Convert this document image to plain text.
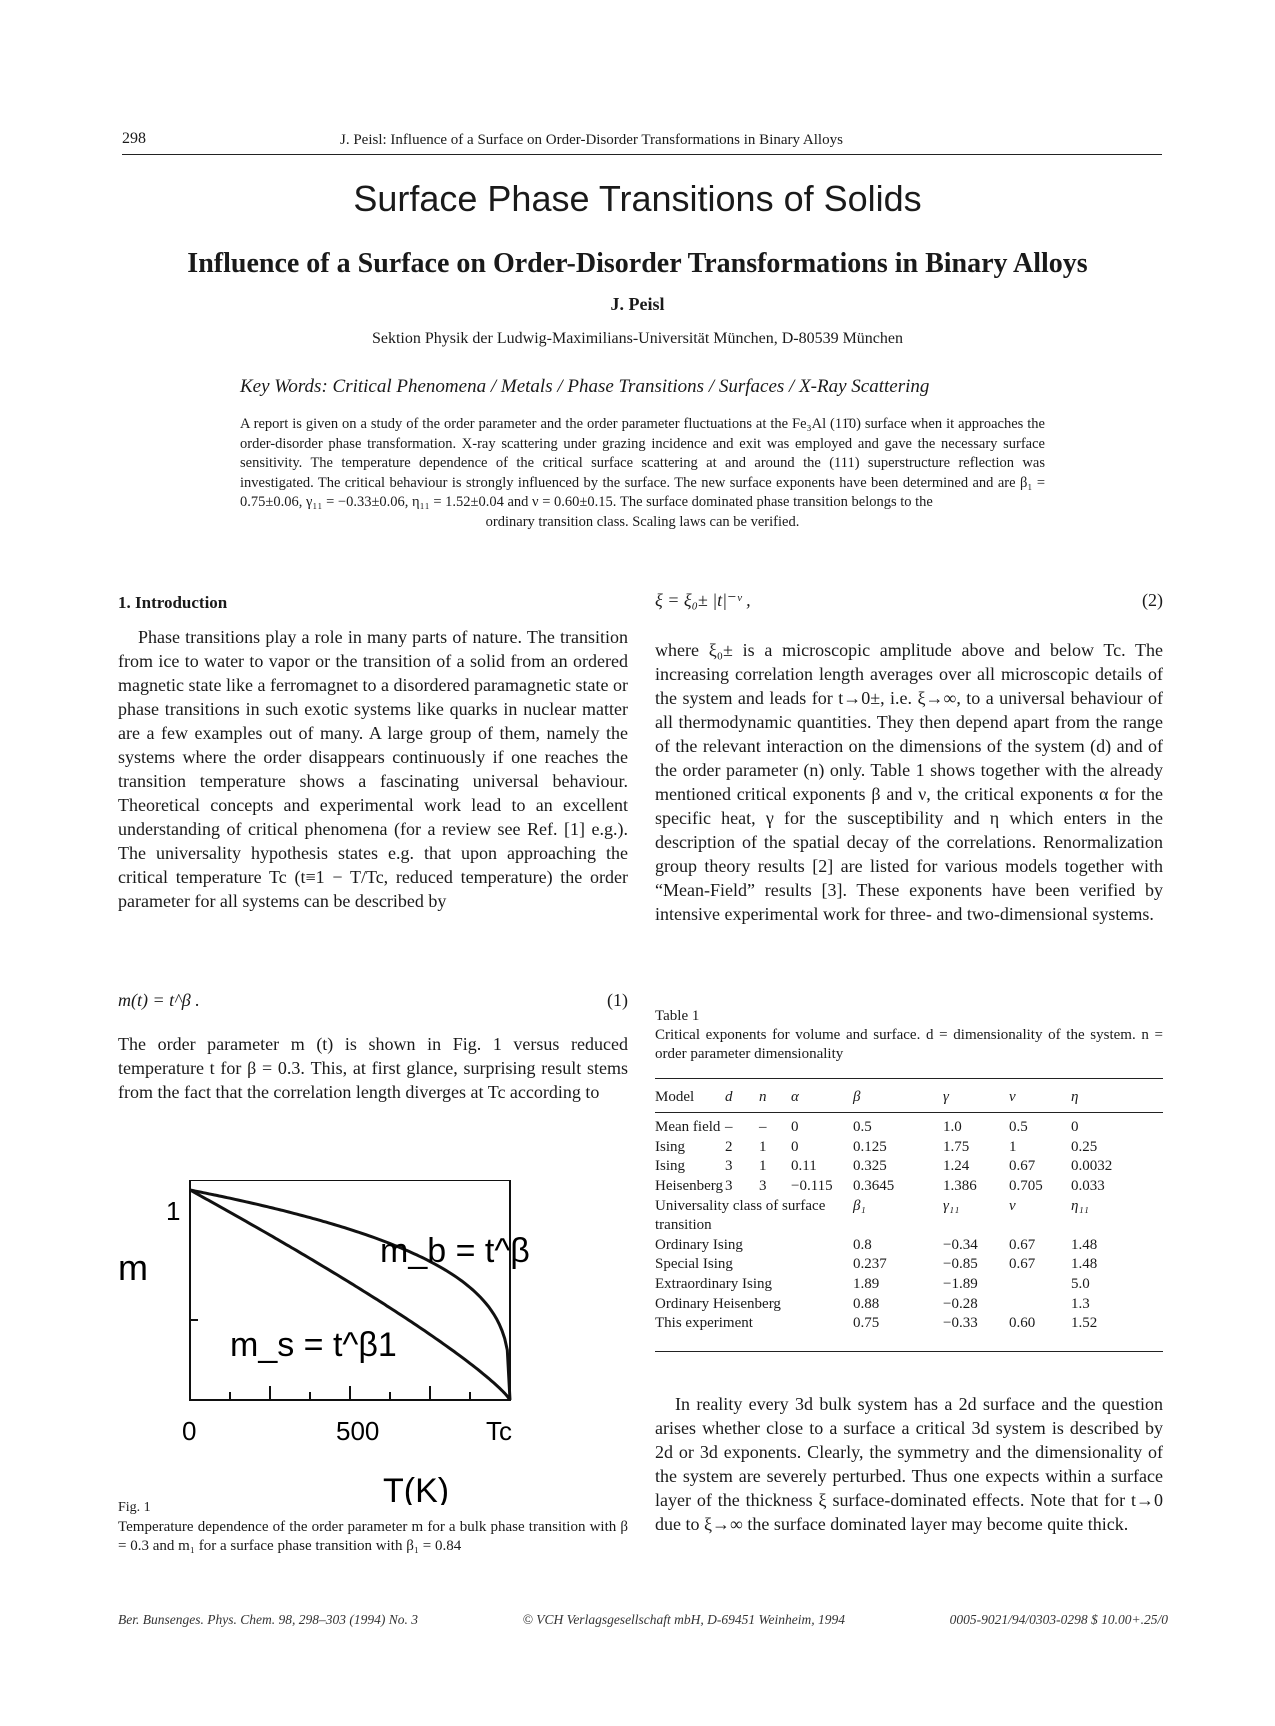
298	J. Peisl: Influence of a Surface on Order-Disorder Transformations in Binary Alloys
Surface Phase Transitions of Solids
Influence of a Surface on Order-Disorder Transformations in Binary Alloys
J. Peisl
Sektion Physik der Ludwig-Maximilians-Universität München, D-80539 München
Key Words: Critical Phenomena / Metals / Phase Transitions / Surfaces / X-Ray Scattering
A report is given on a study of the order parameter and the order parameter fluctuations at the Fe₃Al (11̄0) surface when it approaches the order-disorder phase transformation. X-ray scattering under grazing incidence and exit was employed and gave the necessary surface sensitivity. The temperature dependence of the critical surface scattering at and around the (111) superstructure reflection was investigated. The critical behaviour is strongly influenced by the surface. The new surface exponents have been determined and are β₁ = 0.75±0.06, γ₁₁ = −0.33±0.06, η₁₁ = 1.52±0.04 and ν = 0.60±0.15. The surface dominated phase transition belongs to the
ordinary transition class. Scaling laws can be verified.
1. Introduction
Phase transitions play a role in many parts of nature. The transition from ice to water to vapor or the transition of a solid from an ordered magnetic state like a ferromagnet to a disordered paramagnetic state or phase transitions in such exotic systems like quarks in nuclear matter are a few examples out of many. A large group of them, namely the systems where the order disappears continuously if one reaches the transition temperature shows a fascinating universal behaviour. Theoretical concepts and experimental work lead to an excellent understanding of critical phenomena (for a review see Ref. [1] e.g.). The universality hypothesis states e.g. that upon approaching the critical temperature Tc (t≡1 − T/Tc, reduced temperature) the order parameter for all systems can be described by
m(t) = t^β .	(1)
The order parameter m (t) is shown in Fig. 1 versus reduced temperature t for β = 0.3. This, at first glance, surprising result stems from the fact that the correlation length diverges at Tc according to
1
m
0	500	Tc
T(K)
m_b = t^β
m_s = t^β1
Fig. 1
Temperature dependence of the order parameter m for a bulk phase transition with β = 0.3 and m₁ for a surface phase transition with β₁ = 0.84
ξ = ξ₀± |t|⁻ᵛ ,	(2)
where ξ₀± is a microscopic amplitude above and below Tc. The increasing correlation length averages over all microscopic details of the system and leads for t→0±, i.e. ξ→∞, to a universal behaviour of all thermodynamic quantities. They then depend apart from the range of the relevant interaction on the dimensions of the system (d) and of the order parameter (n) only. Table 1 shows together with the already mentioned critical exponents β and ν, the critical exponents α for the specific heat, γ for the susceptibility and η which enters in the description of the spatial decay of the correlations. Renormalization group theory results [2] are listed for various models together with “Mean-Field” results [3]. These exponents have been verified by intensive experimental work for three- and two-dimensional systems.
Table 1
Critical exponents for volume and surface. d = dimensionality of the system. n = order parameter dimensionality
Model	d	n	α	β	γ	ν	η
Mean field	–	–	0	0.5	1.0	0.5	0
Ising	2	1	0	0.125	1.75	1	0.25
Ising	3	1	0.11	0.325	1.24	0.67	0.0032
Heisenberg	3	3	−0.115	0.3645	1.386	0.705	0.033
Universality class of surface				β₁	γ₁₁	ν	η₁₁
transition							
Ordinary Ising				0.8	−0.34	0.67	1.48
Special Ising				0.237	−0.85	0.67	1.48
Extraordinary Ising				1.89	−1.89		5.0
Ordinary Heisenberg				0.88	−0.28		1.3
This experiment				0.75	−0.33	0.60	1.52
In reality every 3d bulk system has a 2d surface and the question arises whether close to a surface a critical 3d system is described by 2d or 3d exponents. Clearly, the symmetry and the dimensionality of the system are severely perturbed. Thus one expects within a surface layer of the thickness ξ surface-dominated effects. Note that for t→0 due to ξ→∞ the surface dominated layer may become quite thick.
Ber. Bunsenges. Phys. Chem. 98, 298–303 (1994) No. 3	© VCH Verlagsgesellschaft mbH, D-69451 Weinheim, 1994	0005-9021/94/0303-0298 $ 10.00+.25/0
